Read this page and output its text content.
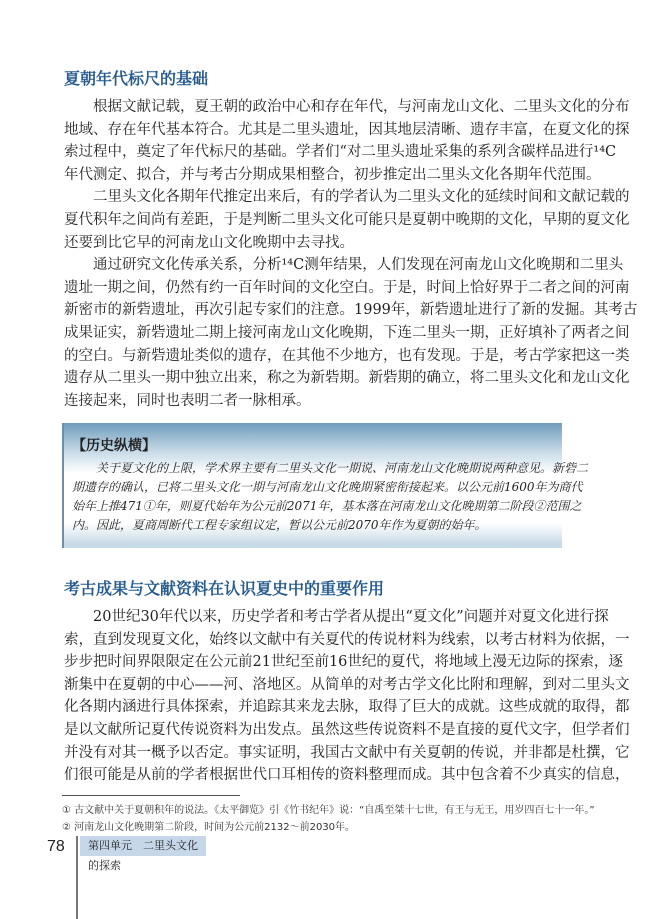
夏朝年代标尺的基础
根据文献记载，夏王朝的政治中心和存在年代，与河南龙山文化、二里头文化的分布
地域、存在年代基本符合。尤其是二里头遗址，因其地层清晰、遗存丰富，在夏文化的探
索过程中，奠定了年代标尺的基础。学者们“对二里头遗址采集的系列含碳样品进行¹⁴C
年代测定、拟合，并与考古分期成果相整合，初步推定出二里头文化各期年代范围。
二里头文化各期年代推定出来后，有的学者认为二里头文化的延续时间和文献记载的
夏代积年之间尚有差距，于是判断二里头文化可能只是夏朝中晚期的文化，早期的夏文化
还要到比它早的河南龙山文化晚期中去寻找。
通过研究文化传承关系，分析¹⁴C测年结果，人们发现在河南龙山文化晚期和二里头
遗址一期之间，仍然有约一百年时间的文化空白。于是，时间上恰好界于二者之间的河南
新密市的新砦遗址，再次引起专家们的注意。1999年，新砦遗址进行了新的发掘。其考古
成果证实，新砦遗址二期上接河南龙山文化晚期，下连二里头一期，正好填补了两者之间
的空白。与新砦遗址类似的遗存，在其他不少地方，也有发现。于是，考古学家把这一类
遗存从二里头一期中独立出来，称之为新砦期。新砦期的确立，将二里头文化和龙山文化
连接起来，同时也表明二者一脉相承。
【历史纵横】
关于夏文化的上限，学术界主要有二里头文化一期说、河南龙山文化晚期说两种意见。新砦二
期遗存的确认，已将二里头文化一期与河南龙山文化晚期紧密衔接起来。以公元前1600年为商代
始年上推471①年，则夏代始年为公元前2071年，基本落在河南龙山文化晚期第二阶段②范围之
内。因此，夏商周断代工程专家组议定，暂以公元前2070年作为夏朝的始年。
考古成果与文献资料在认识夏史中的重要作用
20世纪30年代以来，历史学者和考古学者从提出“夏文化”问题并对夏文化进行探
索，直到发现夏文化，始终以文献中有关夏代的传说材料为线索，以考古材料为依据，一
步步把时间界限限定在公元前21世纪至前16世纪的夏代，将地域上漫无边际的探索，逐
渐集中在夏朝的中心——河、洛地区。从简单的对考古学文化比附和理解，到对二里头文
化各期内涵进行具体探索，并追踪其来龙去脉，取得了巨大的成就。这些成就的取得，都
是以文献所记夏代传说资料为出发点。虽然这些传说资料不是直接的夏代文字，但学者们
并没有对其一概予以否定。事实证明，我国古文献中有关夏朝的传说，并非都是杜撰，它
们很可能是从前的学者根据世代口耳相传的资料整理而成。其中包含着不少真实的信息，
① 古文献中关于夏朝积年的说法。《太平御览》引《竹书纪年》说：“自禹至桀十七世，有王与无王，用岁四百七十一年。”
② 河南龙山文化晚期第二阶段，时间为公元前2132～前2030年。
78	第四单元　二里头文化的探索
